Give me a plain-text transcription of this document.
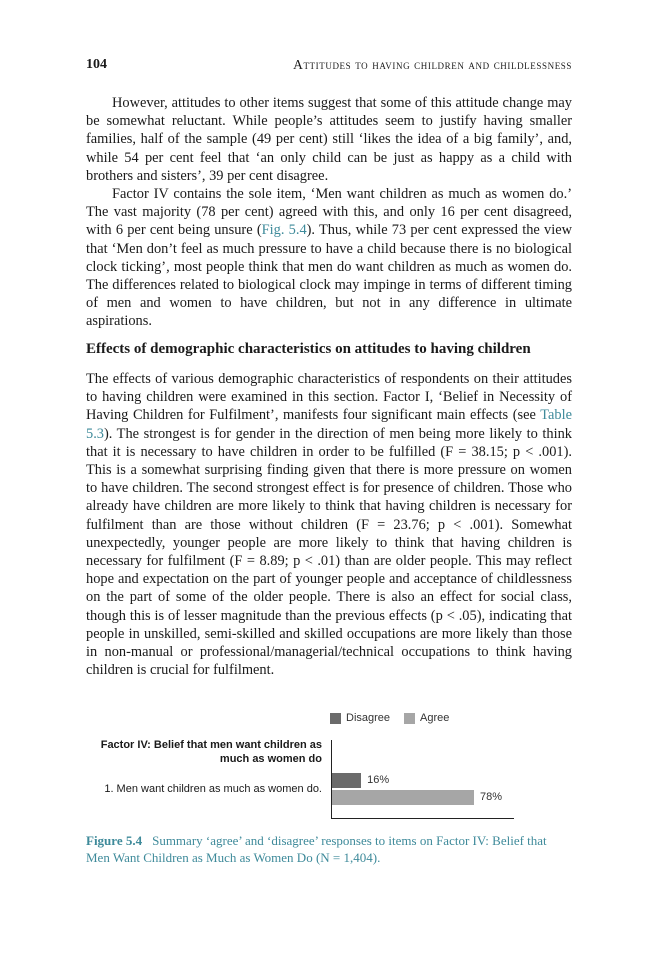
104	Attitudes to having children and childlessness

However, attitudes to other items suggest that some of this attitude change may be somewhat reluctant. While people’s attitudes seem to justify having smaller families, half of the sample (49 per cent) still ‘likes the idea of a big family’, and, while 54 per cent feel that ‘an only child can be just as happy as a child with brothers and sisters’, 39 per cent disagree.

Factor IV contains the sole item, ‘Men want children as much as women do.’ The vast majority (78 per cent) agreed with this, and only 16 per cent disagreed, with 6 per cent being unsure (Fig. 5.4). Thus, while 73 per cent expressed the view that ‘Men don’t feel as much pressure to have a child because there is no biological clock ticking’, most people think that men do want children as much as women do. The differences related to biological clock may impinge in terms of different timing of men and women to have children, but not in any difference in ultimate aspirations.

Effects of demographic characteristics on attitudes to having children

The effects of various demographic characteristics of respondents on their attitudes to having children were examined in this section. Factor I, ‘Belief in Necessity of Having Children for Fulfilment’, manifests four significant main effects (see Table 5.3). The strongest is for gender in the direction of men being more likely to think that it is necessary to have children in order to be fulfilled (F = 38.15; p < .001). This is a somewhat surprising finding given that there is more pressure on women to have children. The second strongest effect is for presence of children. Those who already have children are more likely to think that having children is necessary for fulfilment than are those without children (F = 23.76; p < .001). Somewhat unexpectedly, younger people are more likely to think that having children is necessary for fulfilment (F = 8.89; p < .01) than are older people. This may reflect hope and expectation on the part of younger people and acceptance of childlessness on the part of some of the older people. There is also an effect for social class, though this is of lesser magnitude than the previous effects (p < .05), indicating that people in unskilled, semi-skilled and skilled occupations are more likely than those in non-manual or professional/managerial/technical occupations to think having children is crucial for fulfilment.

Disagree	Agree
Factor IV: Belief that men want children as much as women do
1. Men want children as much as women do.
16%
78%
Figure 5.4 Summary ‘agree’ and ‘disagree’ responses to items on Factor IV: Belief that Men Want Children as Much as Women Do (N = 1,404).
